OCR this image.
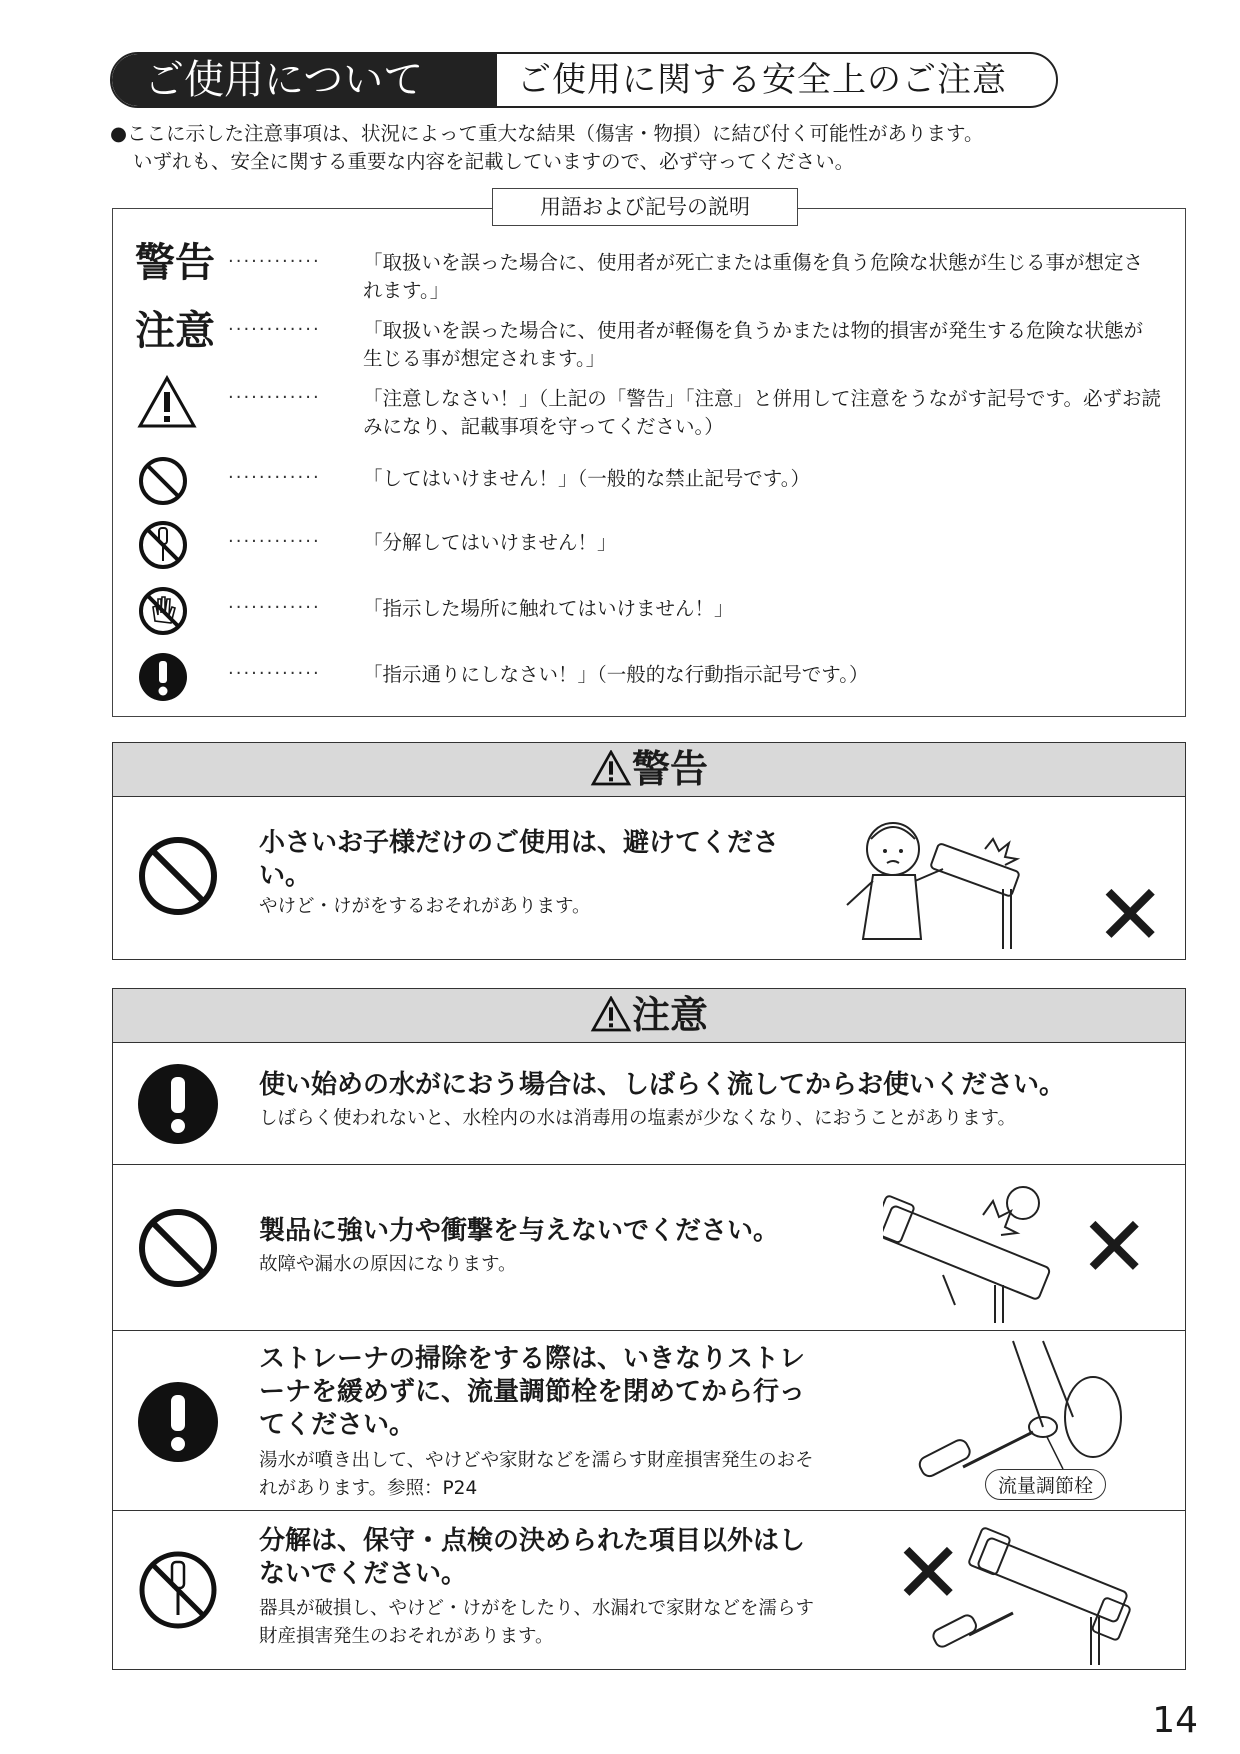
ご使用について	ご使用に関する安全上のご注意
●ここに示した注意事項は、状況によって重大な結果（傷害・物損）に結び付く可能性があります。
いずれも、安全に関する重要な内容を記載していますので、必ず守ってください。
警告 ············ 「取扱いを誤った場合に、使用者が死亡または重傷を負う危険な状態が生じる事が想定されます。」
注意 ············ 「取扱いを誤った場合に、使用者が軽傷を負うかまたは物的損害が発生する危険な状態が生じる事が想定されます。」
············ 「注意しなさい！」（上記の「警告」「注意」と併用して注意をうながす記号です。必ずお読みになり、記載事項を守ってください。）
············ 「してはいけません！」（一般的な禁止記号です。）
············ 「分解してはいけません！」
············ 「指示した場所に触れてはいけません！」
············ 「指示通りにしなさい！」（一般的な行動指示記号です。）
用語および記号の説明
警告
小さいお子様だけのご使用は、避けてください。
やけど・けがをするおそれがあります。	✕
注意
使い始めの水がにおう場合は、しばらく流してからお使いください。
しばらく使われないと、水栓内の水は消毒用の塩素が少なくなり、におうことがあります。
製品に強い力や衝撃を与えないでください。
故障や漏水の原因になります。	✕
ストレーナの掃除をする際は、いきなりストレーナを緩めずに、流量調節栓を閉めてから行ってください。
湯水が噴き出して、やけどや家財などを濡らす財産損害発生のおそれがあります。参照：P24	流量調節栓
分解は、保守・点検の決められた項目以外はしないでください。
器具が破損し、やけど・けがをしたり、水漏れで家財などを濡らす財産損害発生のおそれがあります。
✕
14
